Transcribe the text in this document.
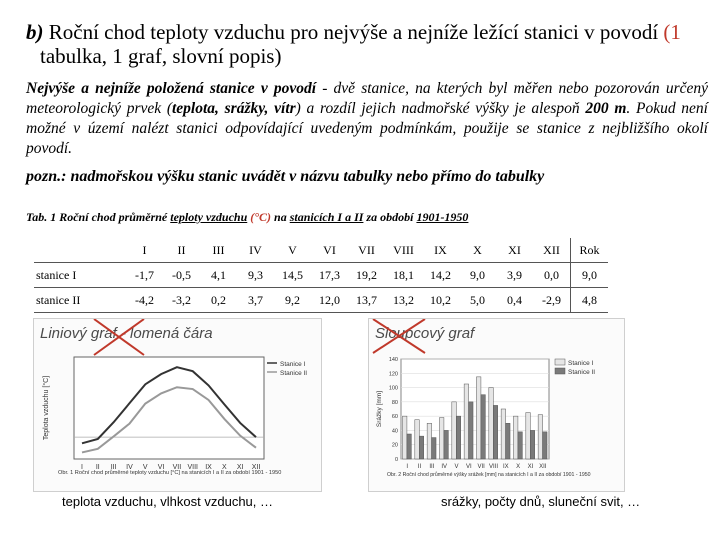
b) Roční chod teploty vzduchu pro nejvýše a nejníže ležící stanici v povodí (1
tabulka, 1 graf, slovní popis)
Nejvýše a nejníže položená stanice v povodí - dvě stanice, na kterých byl měřen nebo pozorován určený meteorologický prvek (teplota, srážky, vítr) a rozdíl jejich nadmořské výšky je alespoň 200 m. Pokud není možné v území nalézt stanici odpovídající uvedeným podmínkám, použije se stanice z nejbližšího okolí povodí.
pozn.: nadmořskou výšku stanic uvádět v názvu tabulky nebo přímo do tabulky
Tab. 1 Roční chod průměrné teploty vzduchu (°C) na stanicích I a II za období 1901-1950
	I	II	III	IV	V	VI	VII	VIII	IX	X	XI	XII	Rok
stanice I	-1,7	-0,5	4,1	9,3	14,5	17,3	19,2	18,1	14,2	9,0	3,9	0,0	9,0
stanice II	-4,2	-3,2	0,2	3,7	9,2	12,0	13,7	13,2	10,2	5,0	0,4	-2,9	4,8
Liniový graf - lomená čára
I II III IV V VI VII VIII IX X XI XII
Teplota vzduchu [°C]
Stanice I
Stanice II
Obr. 1 Roční chod průměrné teploty vzduchu [°C] na stanicích I a II za období 1901 - 1950
teplota vzduchu, vlhkost vzduchu, …
Sloupcový graf
0
20
40
60
80
100
120
140
I II III IV V VI VII VIII IX X XI XII
Srážky [mm]
Stanice I
Stanice II
Obr. 2 Roční chod průměrné výšky srážek [mm] na stanicích I a II za období 1901 - 1950
srážky, počty dnů, sluneční svit, …
